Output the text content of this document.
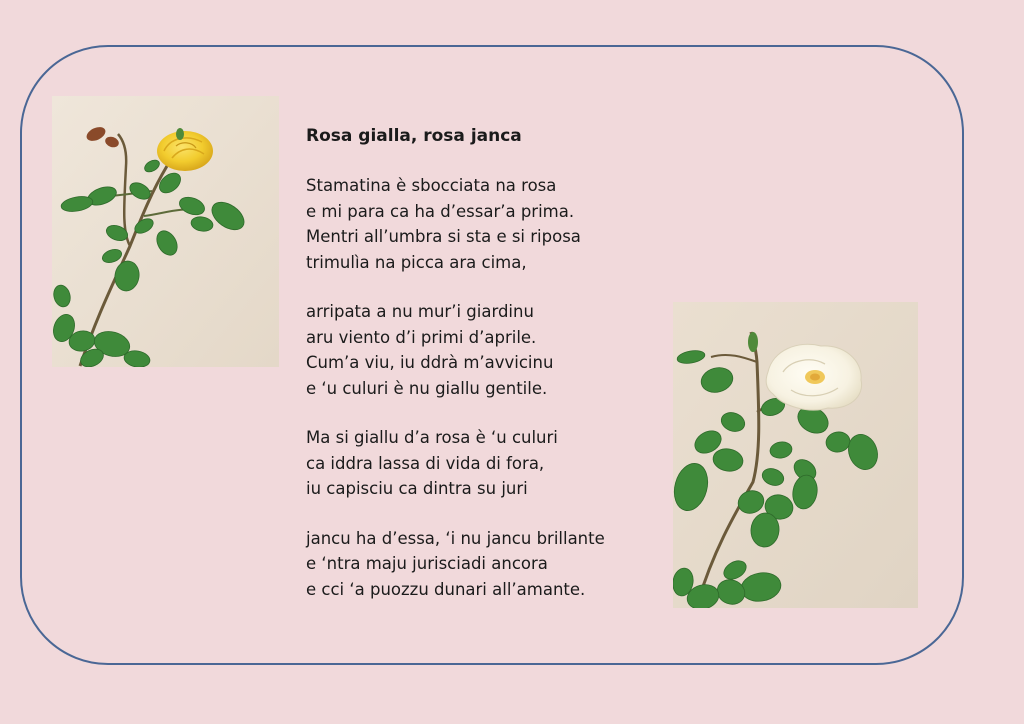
Rosa gialla, rosa janca
Stamatina è sbocciata na rosa
e mi para ca ha d’essar’a prima.
Mentri all’umbra si sta e si riposa
trimulìa na picca ara cima,
arripata a nu mur’i giardinu
aru viento d’i primi d’aprile.
Cum’a viu, iu ddrà m’avvicinu
e ‘u culuri è nu giallu gentile.
Ma si giallu d’a rosa è ‘u culuri
ca iddra lassa di vida di fora,
iu capisciu ca dintra su juri
jancu ha d’essa, ‘i nu jancu brillante
e ‘ntra maju jurisciadi ancora
e cci ‘a puozzu dunari all’amante.
